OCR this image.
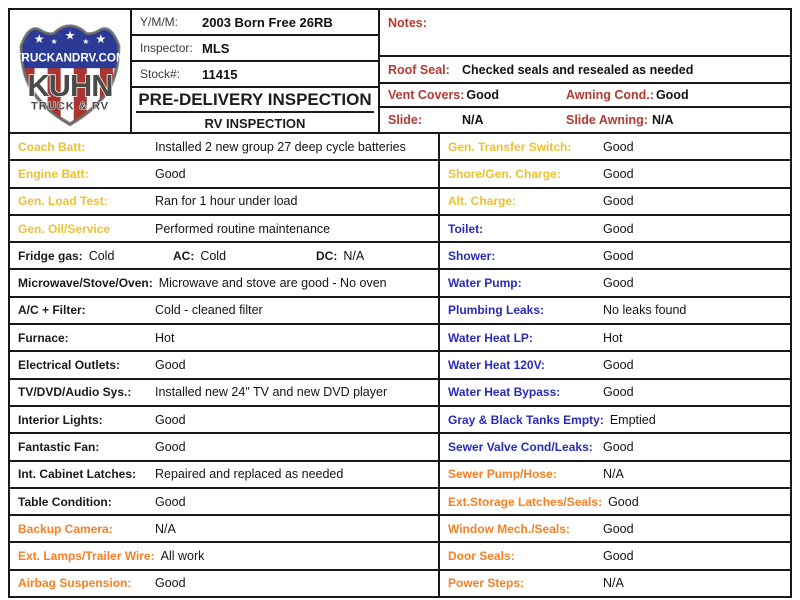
★ ★ ★
★	★
TRUCKANDRV.COM
KUHN
TRUCK & RV
Y/M/M:	2003 Born Free 26RB
Inspector: MLS
Stock#:	11415
PRE-DELIVERY INSPECTION
RV INSPECTION
Notes:
Roof Seal: Checked seals and resealed as needed
Vent Covers: Good	Awning Cond.: Good
Slide:	N/A	Slide Awning: N/A
Coach Batt:	Installed 2 new group 27 deep cycle batteries
Engine Batt:	Good
Gen. Load Test:	Ran for 1 hour under load
Gen. Oil/Service	Performed routine maintenance
Fridge gas: Cold	AC: Cold	DC: N/A
Microwave/Stove/Oven: Microwave and stove are good - No oven
A/C + Filter:	Cold - cleaned filter
Furnace:	Hot
Electrical Outlets:	Good
TV/DVD/Audio Sys.:	Installed new 24" TV and new DVD player
Interior Lights:	Good
Fantastic Fan:	Good
Int. Cabinet Latches:	Repaired and replaced as needed
Table Condition:	Good
Backup Camera:	N/A
Ext. Lamps/Trailer Wire: All work
Airbag Suspension:	Good
Gen. Transfer Switch:	Good
Shore/Gen. Charge:	Good
Alt. Charge:	Good
Toilet:	Good
Shower:	Good
Water Pump:	Good
Plumbing Leaks:	No leaks found
Water Heat LP:	Hot
Water Heat 120V:	Good
Water Heat Bypass:	Good
Gray & Black Tanks Empty: Emptied
Sewer Valve Cond/Leaks: Good
Sewer Pump/Hose:	N/A
Ext.Storage Latches/Seals: Good
Window Mech./Seals:	Good
Door Seals:	Good
Power Steps:	N/A
